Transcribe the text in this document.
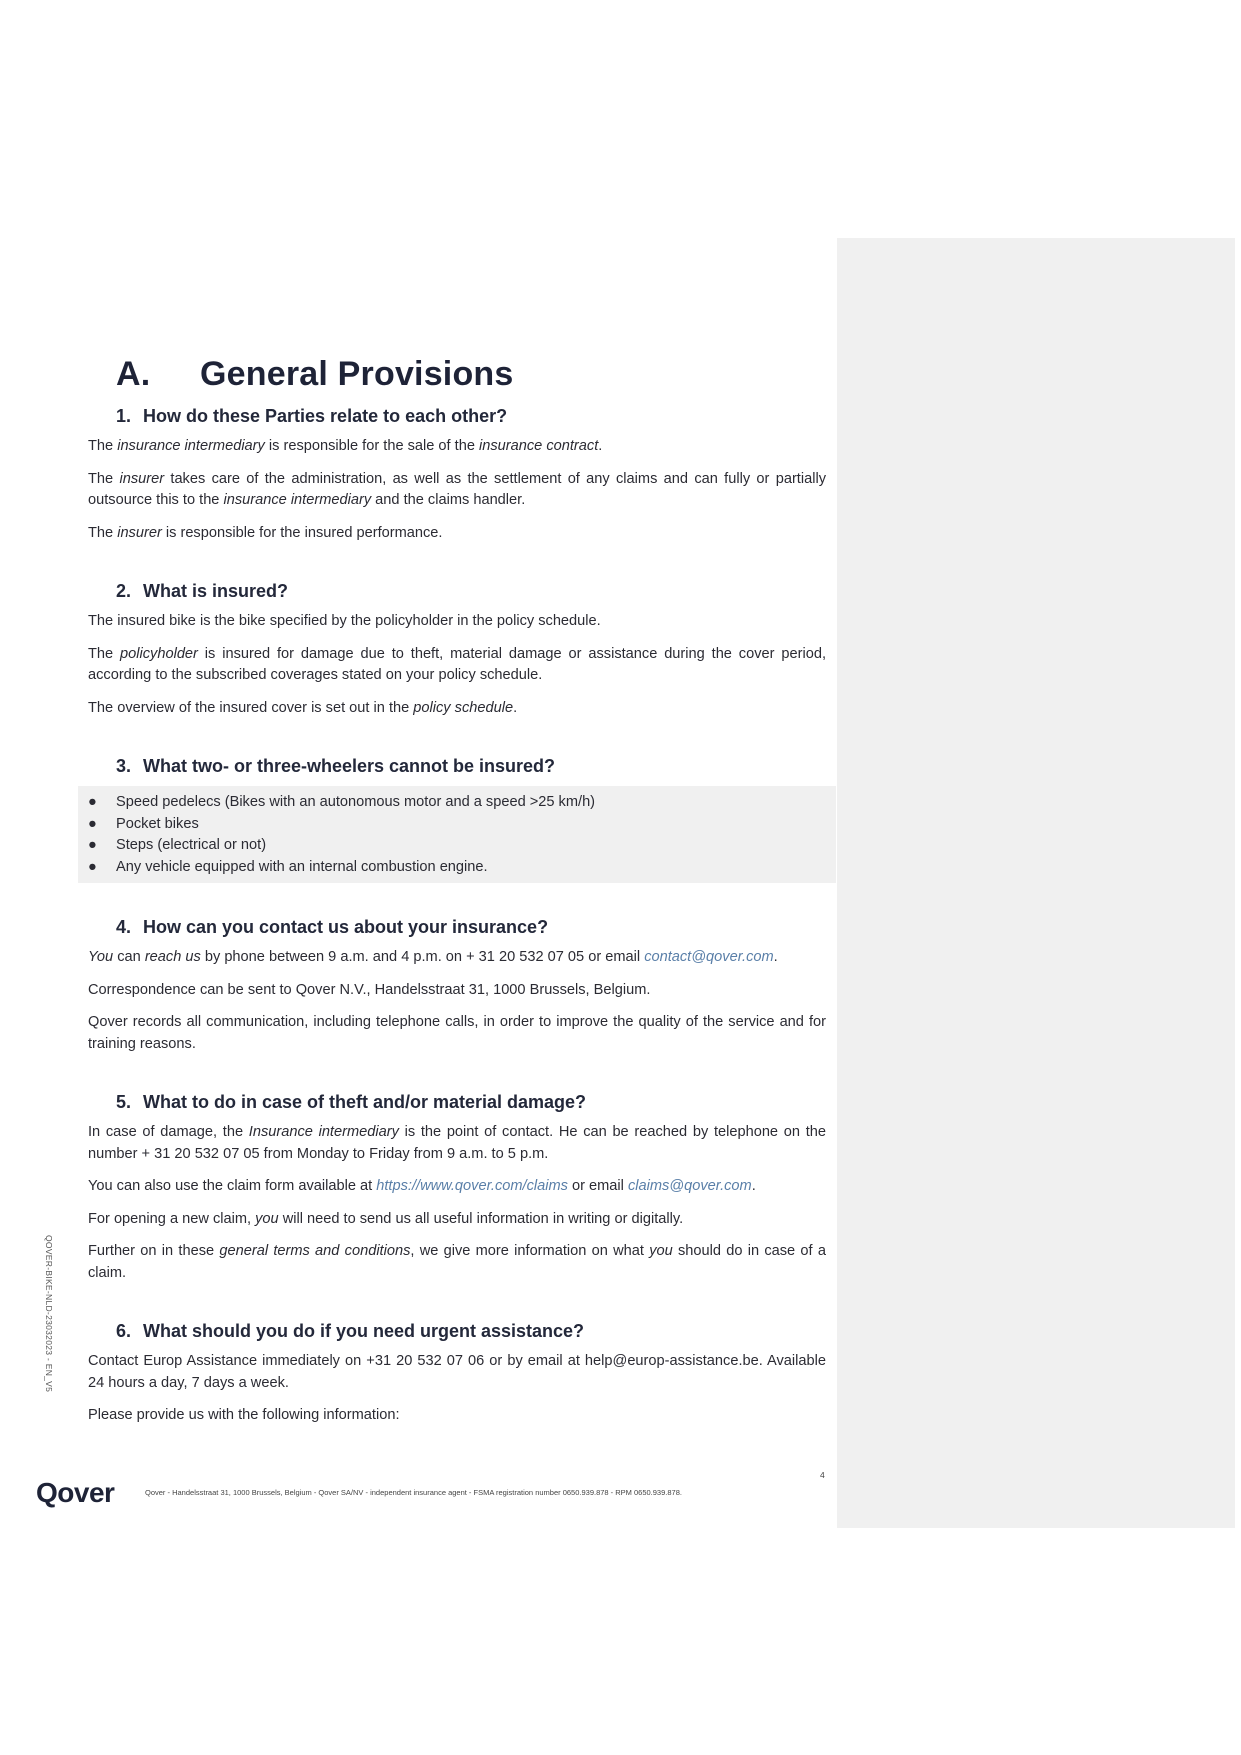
A. General Provisions
1. How do these Parties relate to each other?

The insurance intermediary is responsible for the sale of the insurance contract.

The insurer takes care of the administration, as well as the settlement of any claims and can fully or partially outsource this to the insurance intermediary and the claims handler.

The insurer is responsible for the insured performance.

2. What is insured?

The insured bike is the bike specified by the policyholder in the policy schedule.

The policyholder is insured for damage due to theft, material damage or assistance during the cover period, according to the subscribed coverages stated on your policy schedule.

The overview of the insured cover is set out in the policy schedule.

3. What two- or three-wheelers cannot be insured?
● Speed pedelecs (Bikes with an autonomous motor and a speed >25 km/h)
● Pocket bikes
● Steps (electrical or not)
● Any vehicle equipped with an internal combustion engine.
4. How can you contact us about your insurance?

You can reach us by phone between 9 a.m. and 4 p.m. on + 31 20 532 07 05 or email contact@qover.com.

Correspondence can be sent to Qover N.V., Handelsstraat 31, 1000 Brussels, Belgium.

Qover records all communication, including telephone calls, in order to improve the quality of the service and for training reasons.

5. What to do in case of theft and/or material damage?

In case of damage, the Insurance intermediary is the point of contact. He can be reached by telephone on the number + 31 20 532 07 05 from Monday to Friday from 9 a.m. to 5 p.m.

You can also use the claim form available at https://www.qover.com/claims or email claims@qover.com.

For opening a new claim, you will need to send us all useful information in writing or digitally.

Further on in these general terms and conditions, we give more information on what you should do in case of a claim.

6. What should you do if you need urgent assistance?

Contact Europ Assistance immediately on +31 20 532 07 06 or by email at help@europ-assistance.be. Available 24 hours a day, 7 days a week.

Please provide us with the following information:

QOVER-BIKE-NLD-23032023 - EN_V5
4
Qover	Qover - Handelsstraat 31, 1000 Brussels, Belgium - Qover SA/NV - independent insurance agent - FSMA registration number 0650.939.878 - RPM 0650.939.878.
